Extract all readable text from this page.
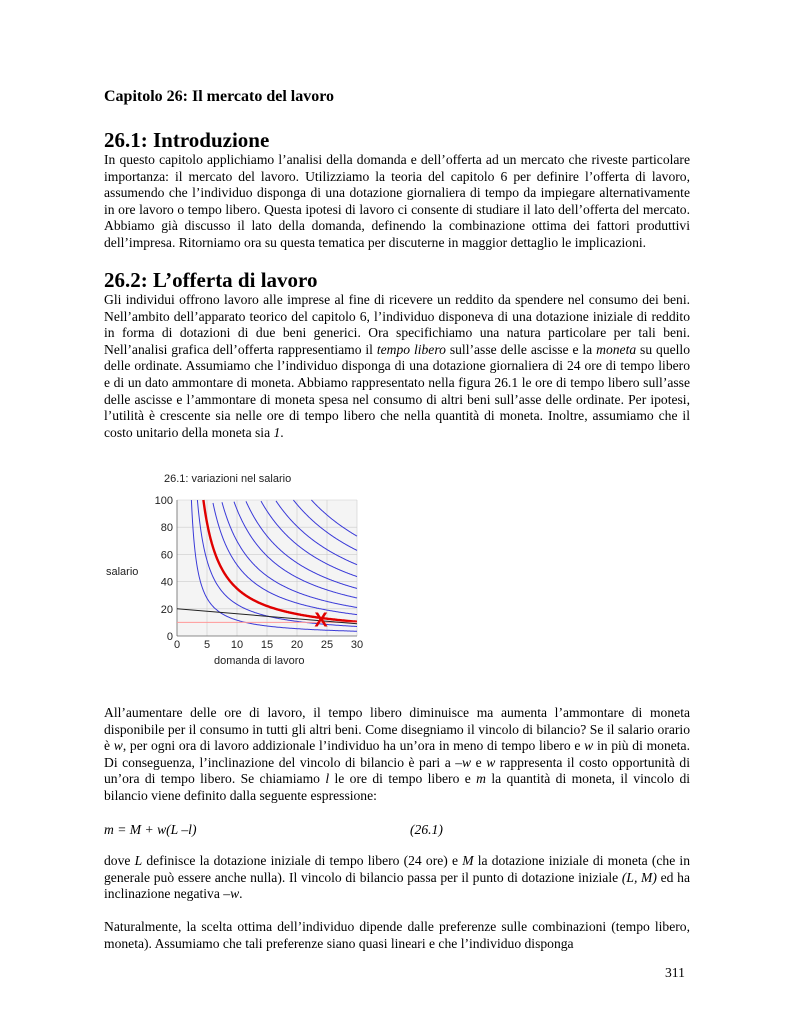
Capitolo 26: Il mercato del lavoro
26.1: Introduzione

In questo capitolo applichiamo l’analisi della domanda e dell’offerta ad un mercato che riveste particolare importanza: il mercato del lavoro. Utilizziamo la teoria del capitolo 6 per definire l’offerta di lavoro, assumendo che l’individuo disponga di una dotazione giornaliera di tempo da impiegare alternativamente in ore lavoro o tempo libero. Questa ipotesi di lavoro ci consente di studiare il lato dell’offerta del mercato. Abbiamo già discusso il lato della domanda, definendo la combinazione ottima dei fattori produttivi dell’impresa. Ritorniamo ora su questa tematica per discuterne in maggior dettaglio le implicazioni.

26.2: L’offerta di lavoro

Gli individui offrono lavoro alle imprese al fine di ricevere un reddito da spendere nel consumo dei beni. Nell’ambito dell’apparato teorico del capitolo 6, l’individuo disponeva di una dotazione iniziale di reddito in forma di dotazioni di due beni generici. Ora specifichiamo una natura particolare per tali beni. Nell’analisi grafica dell’offerta rappresentiamo il tempo libero sull’asse delle ascisse e la moneta su quello delle ordinate. Assumiamo che l’individuo disponga di una dotazione giornaliera di 24 ore di tempo libero e di un dato ammontare di moneta. Abbiamo rappresentato nella figura 26.1 le ore di tempo libero sull’asse delle ascisse e l’ammontare di moneta spesa nel consumo di altri beni sull’asse delle ordinate. Per ipotesi, l’utilità è crescente sia nelle ore di tempo libero che nella quantità di moneta. Inoltre, assumiamo che il costo unitario della moneta sia 1.

26.1: variazioni nel salario
salario
domanda di lavoro
0 5 10 15 20 25 30
0
20
40
60
80
100
X

All’aumentare delle ore di lavoro, il tempo libero diminuisce ma aumenta l’ammontare di moneta disponibile per il consumo in tutti gli altri beni. Come disegniamo il vincolo di bilancio? Se il salario orario è w, per ogni ora di lavoro addizionale l’individuo ha un’ora in meno di tempo libero e w in più di moneta. Di conseguenza, l’inclinazione del vincolo di bilancio è pari a –w e w rappresenta il costo opportunità di un’ora di tempo libero. Se chiamiamo l le ore di tempo libero e m la quantità di moneta, il vincolo di bilancio viene definito dalla seguente espressione:

m = M + w(L –l)	(26.1)

dove L definisce la dotazione iniziale di tempo libero (24 ore) e M la dotazione iniziale di moneta (che in generale può essere anche nulla). Il vincolo di bilancio passa per il punto di dotazione iniziale (L, M) ed ha inclinazione negativa –w.

Naturalmente, la scelta ottima dell’individuo dipende dalle preferenze sulle combinazioni (tempo libero, moneta). Assumiamo che tali preferenze siano quasi lineari e che l’individuo disponga

311
